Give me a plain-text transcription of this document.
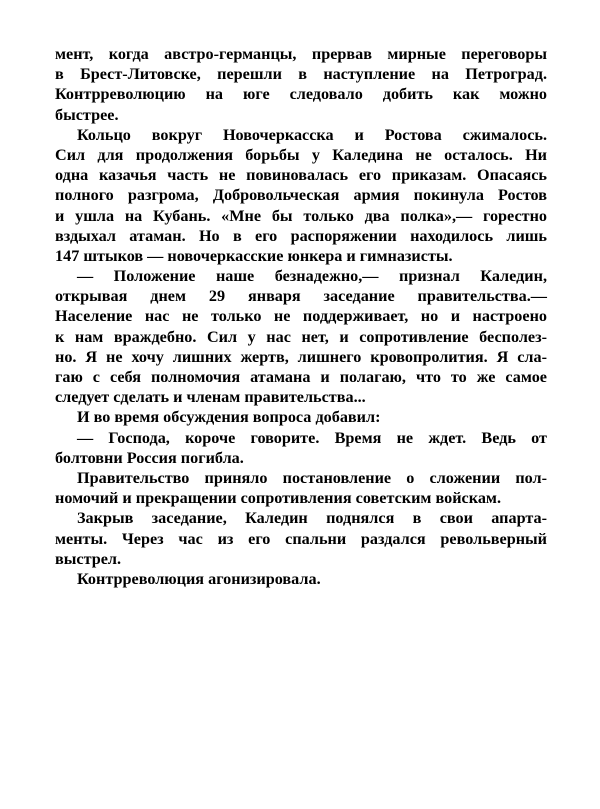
мент, когда австро-германцы, прервав мирные переговоры
в Брест-Литовске, перешли в наступление на Петроград.
Контрреволюцию на юге следовало добить как можно
быстрее.
Кольцо вокруг Новочеркасска и Ростова сжималось.
Сил для продолжения борьбы у Каледина не осталось. Ни
одна казачья часть не повиновалась его приказам. Опасаясь
полного разгрома, Добровольческая армия покинула Ростов
и ушла на Кубань. «Мне бы только два полка»,— горестно
вздыхал атаман. Но в его распоряжении находилось лишь
147 штыков — новочеркасские юнкера и гимназисты.
— Положение наше безнадежно,— признал Каледин,
открывая днем 29 января заседание правительства.—
Население нас не только не поддерживает, но и настроено
к нам враждебно. Сил у нас нет, и сопротивление бесполез-
но. Я не хочу лишних жертв, лишнего кровопролития. Я сла-
гаю с себя полномочия атамана и полагаю, что то же самое
следует сделать и членам правительства...
И во время обсуждения вопроса добавил:
— Господа, короче говорите. Время не ждет. Ведь от
болтовни Россия погибла.
Правительство приняло постановление о сложении пол-
номочий и прекращении сопротивления советским войскам.
Закрыв заседание, Каледин поднялся в свои апарта-
менты. Через час из его спальни раздался револьверный
выстрел.
Контрреволюция агонизировала.
